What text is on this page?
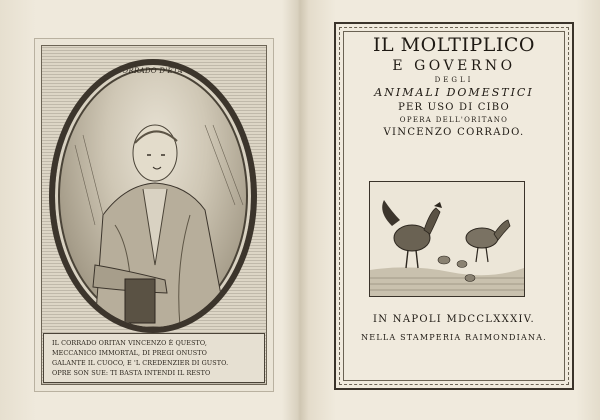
IL VINCENZO CORRADO D'ETÀ SUA D'ANNI 54
IL CORRADO ORITAN VINCENZO È QUESTO,
MECCANICO IMMORTAL, DI PREGI ONUSTO
GALANTE IL CUOCO, E 'L CREDENZIER DI GUSTO.
OPRE SON SUE: TI BASTA INTENDI IL RESTO
IL MOLTIPLICO
E GOVERNO
DEGLI
ANIMALI DOMESTICI
PER USO DI CIBO
OPERA DELL'ORITANO
VINCENZO CORRADO.
IN NAPOLI MDCCLXXXIV.
NELLA STAMPERIA RAIMONDIANA.
